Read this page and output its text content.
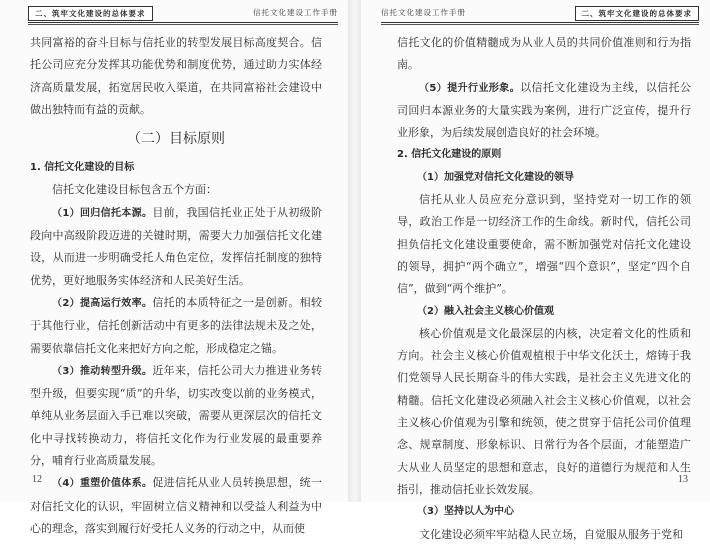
二、筑牢文化建设的总体要求	信托文化建设工作手册

共同富裕的奋斗目标与信托业的转型发展目标高度契合。信托公司应充分发挥其功能优势和制度优势，通过助力实体经济高质量发展，拓宽居民收入渠道，在共同富裕社会建设中做出独特而有益的贡献。

（二）目标原则
1. 信托文化建设的目标

信托文化建设目标包含五个方面：

（1）回归信托本源。目前，我国信托业正处于从初级阶段向中高级阶段迈进的关键时期，需要大力加强信托文化建设，从而进一步明确受托人角色定位，发挥信托制度的独特优势，更好地服务实体经济和人民美好生活。

（2）提高运行效率。信托的本质特征之一是创新。相较于其他行业，信托创新活动中有更多的法律法规未及之处，需要依靠信托文化来把好方向之舵，形成稳定之锚。

（3）推动转型升级。近年来，信托公司大力推进业务转型升级，但要实现“质”的升华，切实改变以前的业务模式，单纯从业务层面入手已难以突破，需要从更深层次的信托文化中寻找转换动力，将信托文化作为行业发展的最重要养分，哺育行业高质量发展。

（4）重塑价值体系。促进信托从业人员转换思想，统一对信托文化的认识，牢固树立信义精神和以受益人利益为中心的理念，落实到履行好受托人义务的行动之中，从而使

12
信托文化建设工作手册	二、筑牢文化建设的总体要求

信托文化的价值精髓成为从业人员的共同价值准则和行为指南。

（5）提升行业形象。以信托文化建设为主线，以信托公司回归本源业务的大量实践为案例，进行广泛宣传，提升行业形象，为后续发展创造良好的社会环境。

2. 信托文化建设的原则
（1）加强党对信托文化建设的领导

信托从业人员应充分意识到，坚持党对一切工作的领导，政治工作是一切经济工作的生命线。新时代，信托公司担负信托文化建设重要使命，需不断加强党对信托文化建设的领导，拥护“两个确立”，增强“四个意识”，坚定“四个自信”，做到“两个维护”。

（2）融入社会主义核心价值观

核心价值观是文化最深层的内核，决定着文化的性质和方向。社会主义核心价值观植根于中华文化沃土，熔铸于我们党领导人民长期奋斗的伟大实践，是社会主义先进文化的精髓。信托文化建设必须融入社会主义核心价值观，以社会主义核心价值观为引擎和统领，使之贯穿于信托公司价值理念、规章制度、形象标识、日常行为各个层面，才能塑造广大从业人员坚定的思想和意志，良好的道德行为规范和人生指引，推动信托业长效发展。

（3）坚持以人为中心

文化建设必须牢牢站稳人民立场，自觉服从服务于党和

13
